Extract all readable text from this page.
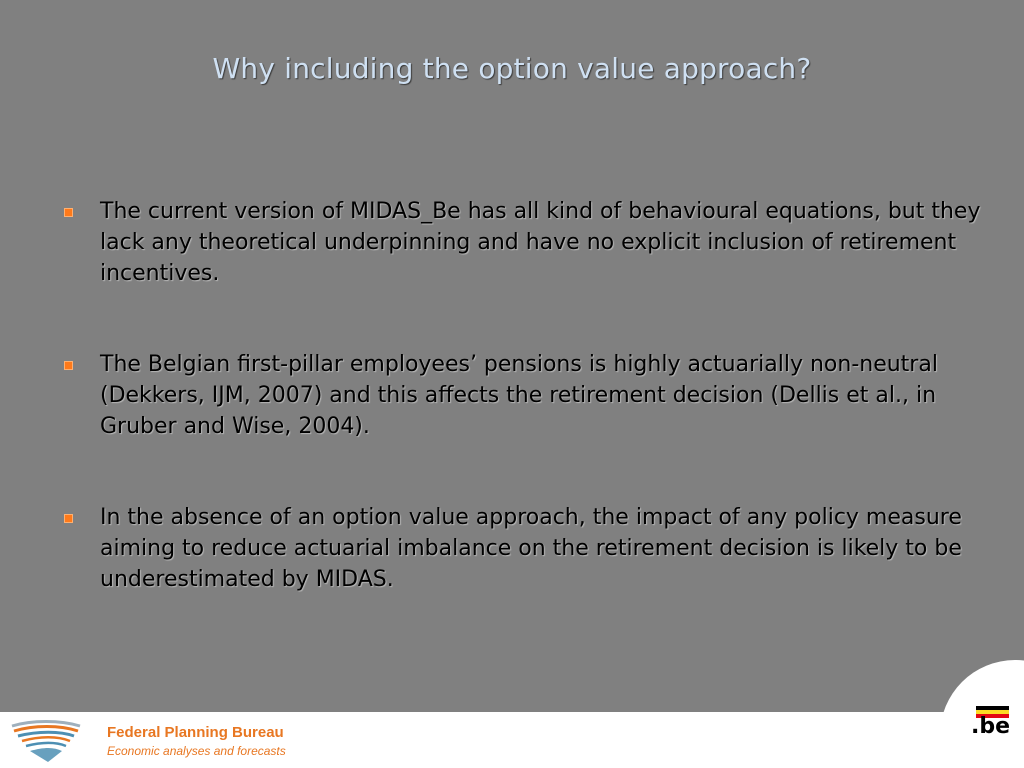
Why including the option value approach?
The current version of MIDAS_Be has all kind of behavioural equations, but they lack any theoretical underpinning and have no explicit inclusion of retirement incentives.
The Belgian first-pillar employees’ pensions is highly actuarially non-neutral (Dekkers, IJM, 2007) and this affects the retirement decision (Dellis et al., in Gruber and Wise, 2004).
In the absence of an option value approach, the impact of any policy measure aiming to reduce actuarial imbalance on the retirement decision is likely to be underestimated by MIDAS.
.be
Federal Planning Bureau
Economic analyses and forecasts
